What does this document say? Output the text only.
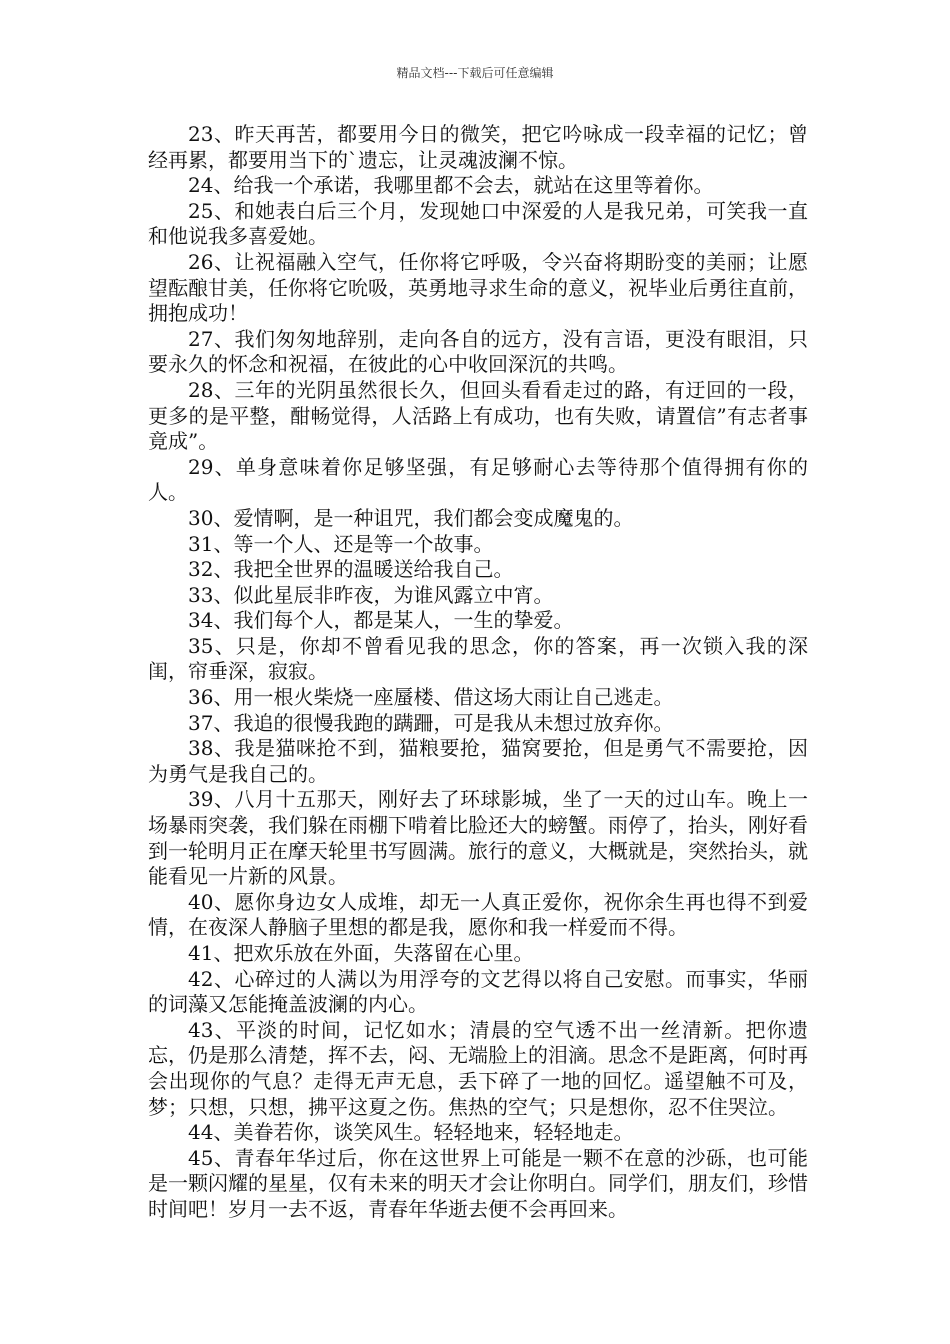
精品文档---下载后可任意编辑

23、昨天再苦，都要用今日的微笑，把它吟咏成一段幸福的记忆；曾经再累，都要用当下的`遗忘，让灵魂波澜不惊。

24、给我一个承诺，我哪里都不会去，就站在这里等着你。

25、和她表白后三个月，发现她口中深爱的人是我兄弟，可笑我一直和他说我多喜爱她。

26、让祝福融入空气，任你将它呼吸，令兴奋将期盼变的美丽；让愿望酝酿甘美，任你将它吮吸，英勇地寻求生命的意义，祝毕业后勇往直前，拥抱成功！

27、我们匆匆地辞别，走向各自的远方，没有言语，更没有眼泪，只要永久的怀念和祝福，在彼此的心中收回深沉的共鸣。

28、三年的光阴虽然很长久，但回头看看走过的路，有迂回的一段，更多的是平整，酣畅觉得，人活路上有成功，也有失败，请置信”有志者事竟成”。

29、单身意味着你足够坚强，有足够耐心去等待那个值得拥有你的人。

30、爱情啊，是一种诅咒，我们都会变成魔鬼的。

31、等一个人、还是等一个故事。

32、我把全世界的温暖送给我自己。

33、似此星辰非昨夜，为谁风露立中宵。

34、我们每个人，都是某人，一生的挚爱。

35、只是，你却不曾看见我的思念，你的答案，再一次锁入我的深闺，帘垂深，寂寂。

36、用一根火柴烧一座蜃楼、借这场大雨让自己逃走。

37、我追的很慢我跑的蹒跚，可是我从未想过放弃你。

38、我是猫咪抢不到，猫粮要抢，猫窝要抢，但是勇气不需要抢，因为勇气是我自己的。

39、八月十五那天，刚好去了环球影城，坐了一天的过山车。晚上一场暴雨突袭，我们躲在雨棚下啃着比脸还大的螃蟹。雨停了，抬头，刚好看到一轮明月正在摩天轮里书写圆满。旅行的意义，大概就是，突然抬头，就能看见一片新的风景。

40、愿你身边女人成堆，却无一人真正爱你，祝你余生再也得不到爱情，在夜深人静脑子里想的都是我，愿你和我一样爱而不得。

41、把欢乐放在外面，失落留在心里。

42、心碎过的人满以为用浮夸的文艺得以将自己安慰。而事实，华丽的词藻又怎能掩盖波澜的内心。

43、平淡的时间，记忆如水；清晨的空气透不出一丝清新。把你遗忘，仍是那么清楚，挥不去，闷、无端脸上的泪滴。思念不是距离，何时再会出现你的气息？走得无声无息，丢下碎了一地的回忆。遥望触不可及，梦；只想，只想，拂平这夏之伤。焦热的空气；只是想你，忍不住哭泣。

44、美眷若你，谈笑风生。轻轻地来，轻轻地走。

45、青春年华过后，你在这世界上可能是一颗不在意的沙砾，也可能是一颗闪耀的星星，仅有未来的明天才会让你明白。同学们，朋友们，珍惜时间吧！岁月一去不返，青春年华逝去便不会再回来。
